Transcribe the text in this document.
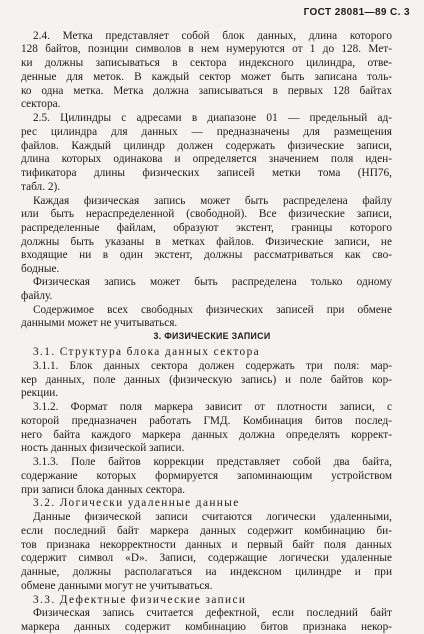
ГОСТ 28081—89 С. 3
3. ФИЗИЧЕСКИЕ ЗАПИСИ
2.4. Метка представляет собой блок данных, длина которого
128 байтов, позиции символов в нем нумеруются от 1 до 128. Мет-
ки должны записываться в сектора индексного цилиндра, отве-
денные для меток. В каждый сектор может быть записана толь-
ко одна метка. Метка должна записываться в первых 128 байтах
сектора.
2.5. Цилиндры с адресами в диапазоне 01 — предельный ад-
рес цилиндра для данных — предназначены для размещения
файлов. Каждый цилиндр должен содержать физические записи,
длина которых одинакова и определяется значением поля иден-
тификатора длины физических записей метки тома (НП76,
табл. 2).
Каждая физическая запись может быть распределена файлу
или быть нераспределенной (свободной). Все физические записи,
распределенные файлам, образуют экстент, границы которого
должны быть указаны в метках файлов. Физические записи, не
входящие ни в один экстент, должны рассматриваться как сво-
бодные.
Физическая запись может быть распределена только одному
файлу.
Содержимое всех свободных физических записей при обмене
данными может не учитываться.
3.1. Структура блока данных сектора
3.1.1. Блок данных сектора должен содержать три поля: мар-
кер данных, поле данных (физическую запись) и поле байтов кор-
рекции.
3.1.2. Формат поля маркера зависит от плотности записи, с
которой предназначен работать ГМД. Комбинация битов послед-
него байта каждого маркера данных должна определять коррект-
ность данных физической записи.
3.1.3. Поле байтов коррекции представляет собой два байта,
содержание которых формируется запоминающим устройством
при записи блока данных сектора.
3.2. Логически удаленные данные
Данные физической записи считаются логически удаленными,
если последний байт маркера данных содержит комбинацию би-
тов признака некорректности данных и первый байт поля данных
содержит символ «D». Записи, содержащие логически удаленные
данные, должны располагаться на индексном цилиндре и при
обмене данными могут не учитываться.
3.3. Дефектные физические записи
Физическая запись считается дефектной, если последний байт
маркера данных содержит комбинацию битов признака некор-
